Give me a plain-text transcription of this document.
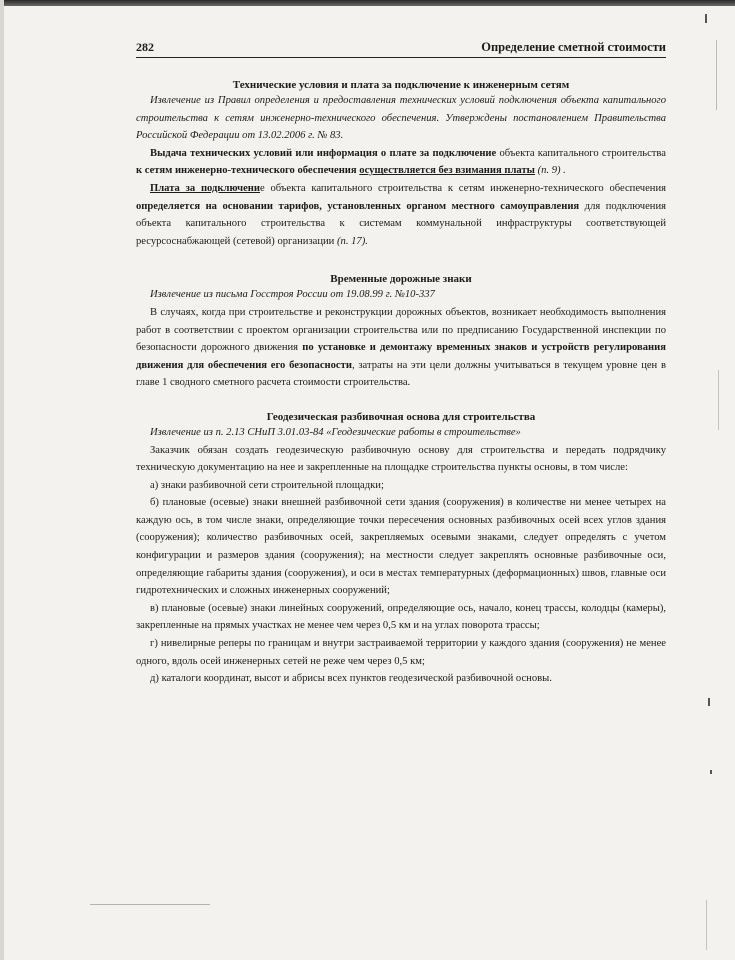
282	Определение сметной стоимости
Технические условия и плата за подключение к инженерным сетям

Извлечение из Правил определения и предоставления технических условий подключения объекта капитального строительства к сетям инженерно-технического обеспечения. Утверждены постановлением Правительства Российской Федерации от 13.02.2006 г. № 83.

Выдача технических условий или информация о плате за подключение объекта капитального строительства к сетям инженерно-технического обеспечения осуществляется без взимания платы (п. 9) .

Плата за подключение объекта капитального строительства к сетям инженерно-технического обеспечения определяется на основании тарифов, установленных органом местного самоуправления для подключения объекта капитального строительства к системам коммунальной инфраструктуры соответствующей ресурсоснабжающей (сетевой) организации (п. 17).

Временные дорожные знаки

Извлечение из письма Госстроя России от 19.08.99 г. №10-337

В случаях, когда при строительстве и реконструкции дорожных объектов, возникает необходимость выполнения работ в соответствии с проектом организации строительства или по предписанию Государственной инспекции по безопасности дорожного движения по установке и демонтажу временных знаков и устройств регулирования движения для обеспечения его безопасности, затраты на эти цели должны учитываться в текущем уровне цен в главе 1 сводного сметного расчета стоимости строительства.

Геодезическая разбивочная основа для строительства

Извлечение из п. 2.13 СНиП 3.01.03-84 «Геодезические работы в строительстве»

Заказчик обязан создать геодезическую разбивочную основу для строительства и передать подрядчику техническую документацию на нее и закрепленные на площадке строительства пункты основы, в том числе:

а) знаки разбивочной сети строительной площадки;

б) плановые (осевые) знаки внешней разбивочной сети здания (сооружения) в количестве ни менее четырех на каждую ось, в том числе знаки, определяющие точки пересечения основных разбивочных осей всех углов здания (сооружения); количество разбивочных осей, закрепляемых осевыми знаками, следует определять с учетом конфигурации и размеров здания (сооружения); на местности следует закреплять основные разбивочные оси, определяющие габариты здания (сооружения), и оси в местах температурных (деформационных) швов, главные оси гидротехнических и сложных инженерных сооружений;

в) плановые (осевые) знаки линейных сооружений, определяющие ось, начало, конец трассы, колодцы (камеры), закрепленные на прямых участках не менее чем через 0,5 км и на углах поворота трассы;

г) нивелирные реперы по границам и внутри застраиваемой территории у каждого здания (сооружения) не менее одного, вдоль осей инженерных сетей не реже чем через 0,5 км;

д) каталоги координат, высот и абрисы всех пунктов геодезической разбивочной основы.
